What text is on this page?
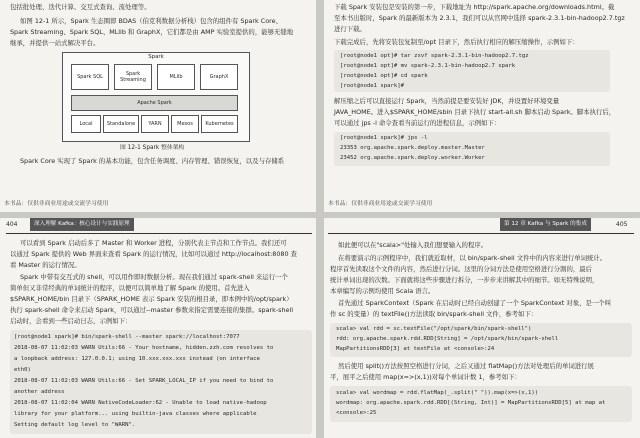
包括批处理、迭代计算、交互式查询、流处理等。
如图 12-1 所示，Spark 生态圈即 BDAS（伯克利数据分析栈）包含的组件有 Spark Core、
Spark Streaming、Spark SQL、MLlib 和 GraphX，它们都是由 AMP 实验室提供的，能够无缝地
继承，并提供一站式解决平台。
Spark
Spark SQL	Spark Streaming	MLlib	GraphX
Apache Spark
Local	Standalone	YARN	Mesos	Kubernetes
图 12-1 Spark 整体架构
Spark Core 实现了 Spark 的基本功能，包含任务调度、内存管理、错误恢复，以及与存储系
本书品：仅供非商业用途或交流学习使用
下载 Spark 安装包是安装的第一步，下载地址为 http://spark.apache.org/downloads.html。截
至本书出版时，Spark 的最新版本为 2.3.1，我们可以从官网中选择 spark-2.3.1-bin-hadoop2.7.tgz
进行下载。
下载完成后，先将安装包复制至/opt 目录下，然后执行相应的解压缩操作，示例如下：
[root@node1 opt]# tar zxvf spark-2.3.1-bin-hadoop2.7.tgz
[root@node1 opt]# mv spark-2.3.1-bin-hadoop2.7 spark
[root@node1 opt]# cd spark
[root@node1 spark]#
解压缩之后可以直接运行 Spark，当然前提是要安装好 JDK，并设置好环境变量
JAVA_HOME。进入$SPARK_HOME/sbin 目录下执行 start-all.sh 脚本启动 Spark。脚本执行后，
可以通过 jps -l 命令查看当前运行的进程信息，示例如下：
[root@node1 spark]# jps -l
23353 org.apache.spark.deploy.master.Master
23452 org.apache.spark.deploy.worker.Worker
本书品：仅供非商业用途或交流学习使用
404	深入理解 Kafka：核心设计与实践原理
可以看到 Spark 启动后多了 Master 和 Worker 进程，分别代表主节点和工作节点。我们还可
以通过 Spark 提供的 Web 界面来查看 Spark 的运行情况，比如可以通过 http://localhost:8080 查
看 Master 的运行情况。
Spark 中带有交互式的 shell，可以用作即时数据分析。现在我们通过 spark-shell 来运行一个
简单但又非常经典的单词统计的程序，以便可以简单地了解 Spark 的使用。首先进入
$SPARK_HOME/bin 目录下（SPARK_HOME 表示 Spark 安装的根目录，即本例中的/opt/spark）
执行 spark-shell 命令来启动 Spark，可以通过--master 参数来指定需要连接的集群。spark-shell
启动时，会看到一些启动日志，示例如下：
[root@node1 spark]# bin/spark-shell --master spark://localhost:7077
2018-08-07 11:02:03 WARN Utils:66 - Your hostname, hidden.zzh.com resolves to
a loopback address: 127.0.0.1; using 10.xxx.xxx.xxx instead (on interface
eth0)
2018-08-07 11:02:03 WARN Utils:66 - Set SPARK_LOCAL_IP if you need to bind to
another address
2018-08-07 11:02:04 WARN NativeCodeLoader:62 - Unable to load native-hadoop
library for your platform... using builtin-java classes where applicable
Setting default log level to "WARN".
第 12 章 Kafka 与 Spark 的集成	405
如此便可以在"scala>"处输入我们想要输入的程序。
在将要演示的示例程序中，我们就近取材，以 bin/spark-shell 文件中的内容来进行单词统计。
程序首先读取这个文件的内容，然后进行分词。这里的分词方法是使用空格进行分割的，最后
统计单词出现的次数。下面就将这些步骤进行拆分，一步步来讲解其中的细节。如无特殊说明，
本章编写的示例均使用 Scala 语言。
首先通过 SparkContext（Spark 在启动时已经自动创建了一个 SparkContext 对象，是一个叫
作 sc 的变量）的 textFile()方法读取 bin/spark-shell 文件，参考如下：
scala> val rdd = sc.textFile("/opt/spark/bin/spark-shell")
rdd: org.apache.spark.rdd.RDD[String] = /opt/spark/bin/spark-shell
MapPartitionsRDD[3] at textFile at <console>:24
然后使用 split()方法按照空格进行分词，之后又通过 flatMap()方法对处理后的单词进行展
平，展平之后使用 map(x=>(x,1))对每个单词计数 1，参考如下：
scala> val wordmap = rdd.flatMap(_.split(" ")).map(x=>(x,1))
wordmap: org.apache.spark.rdd.RDD[(String, Int)] = MapPartitionsRDD[5] at map at
<console>:25
